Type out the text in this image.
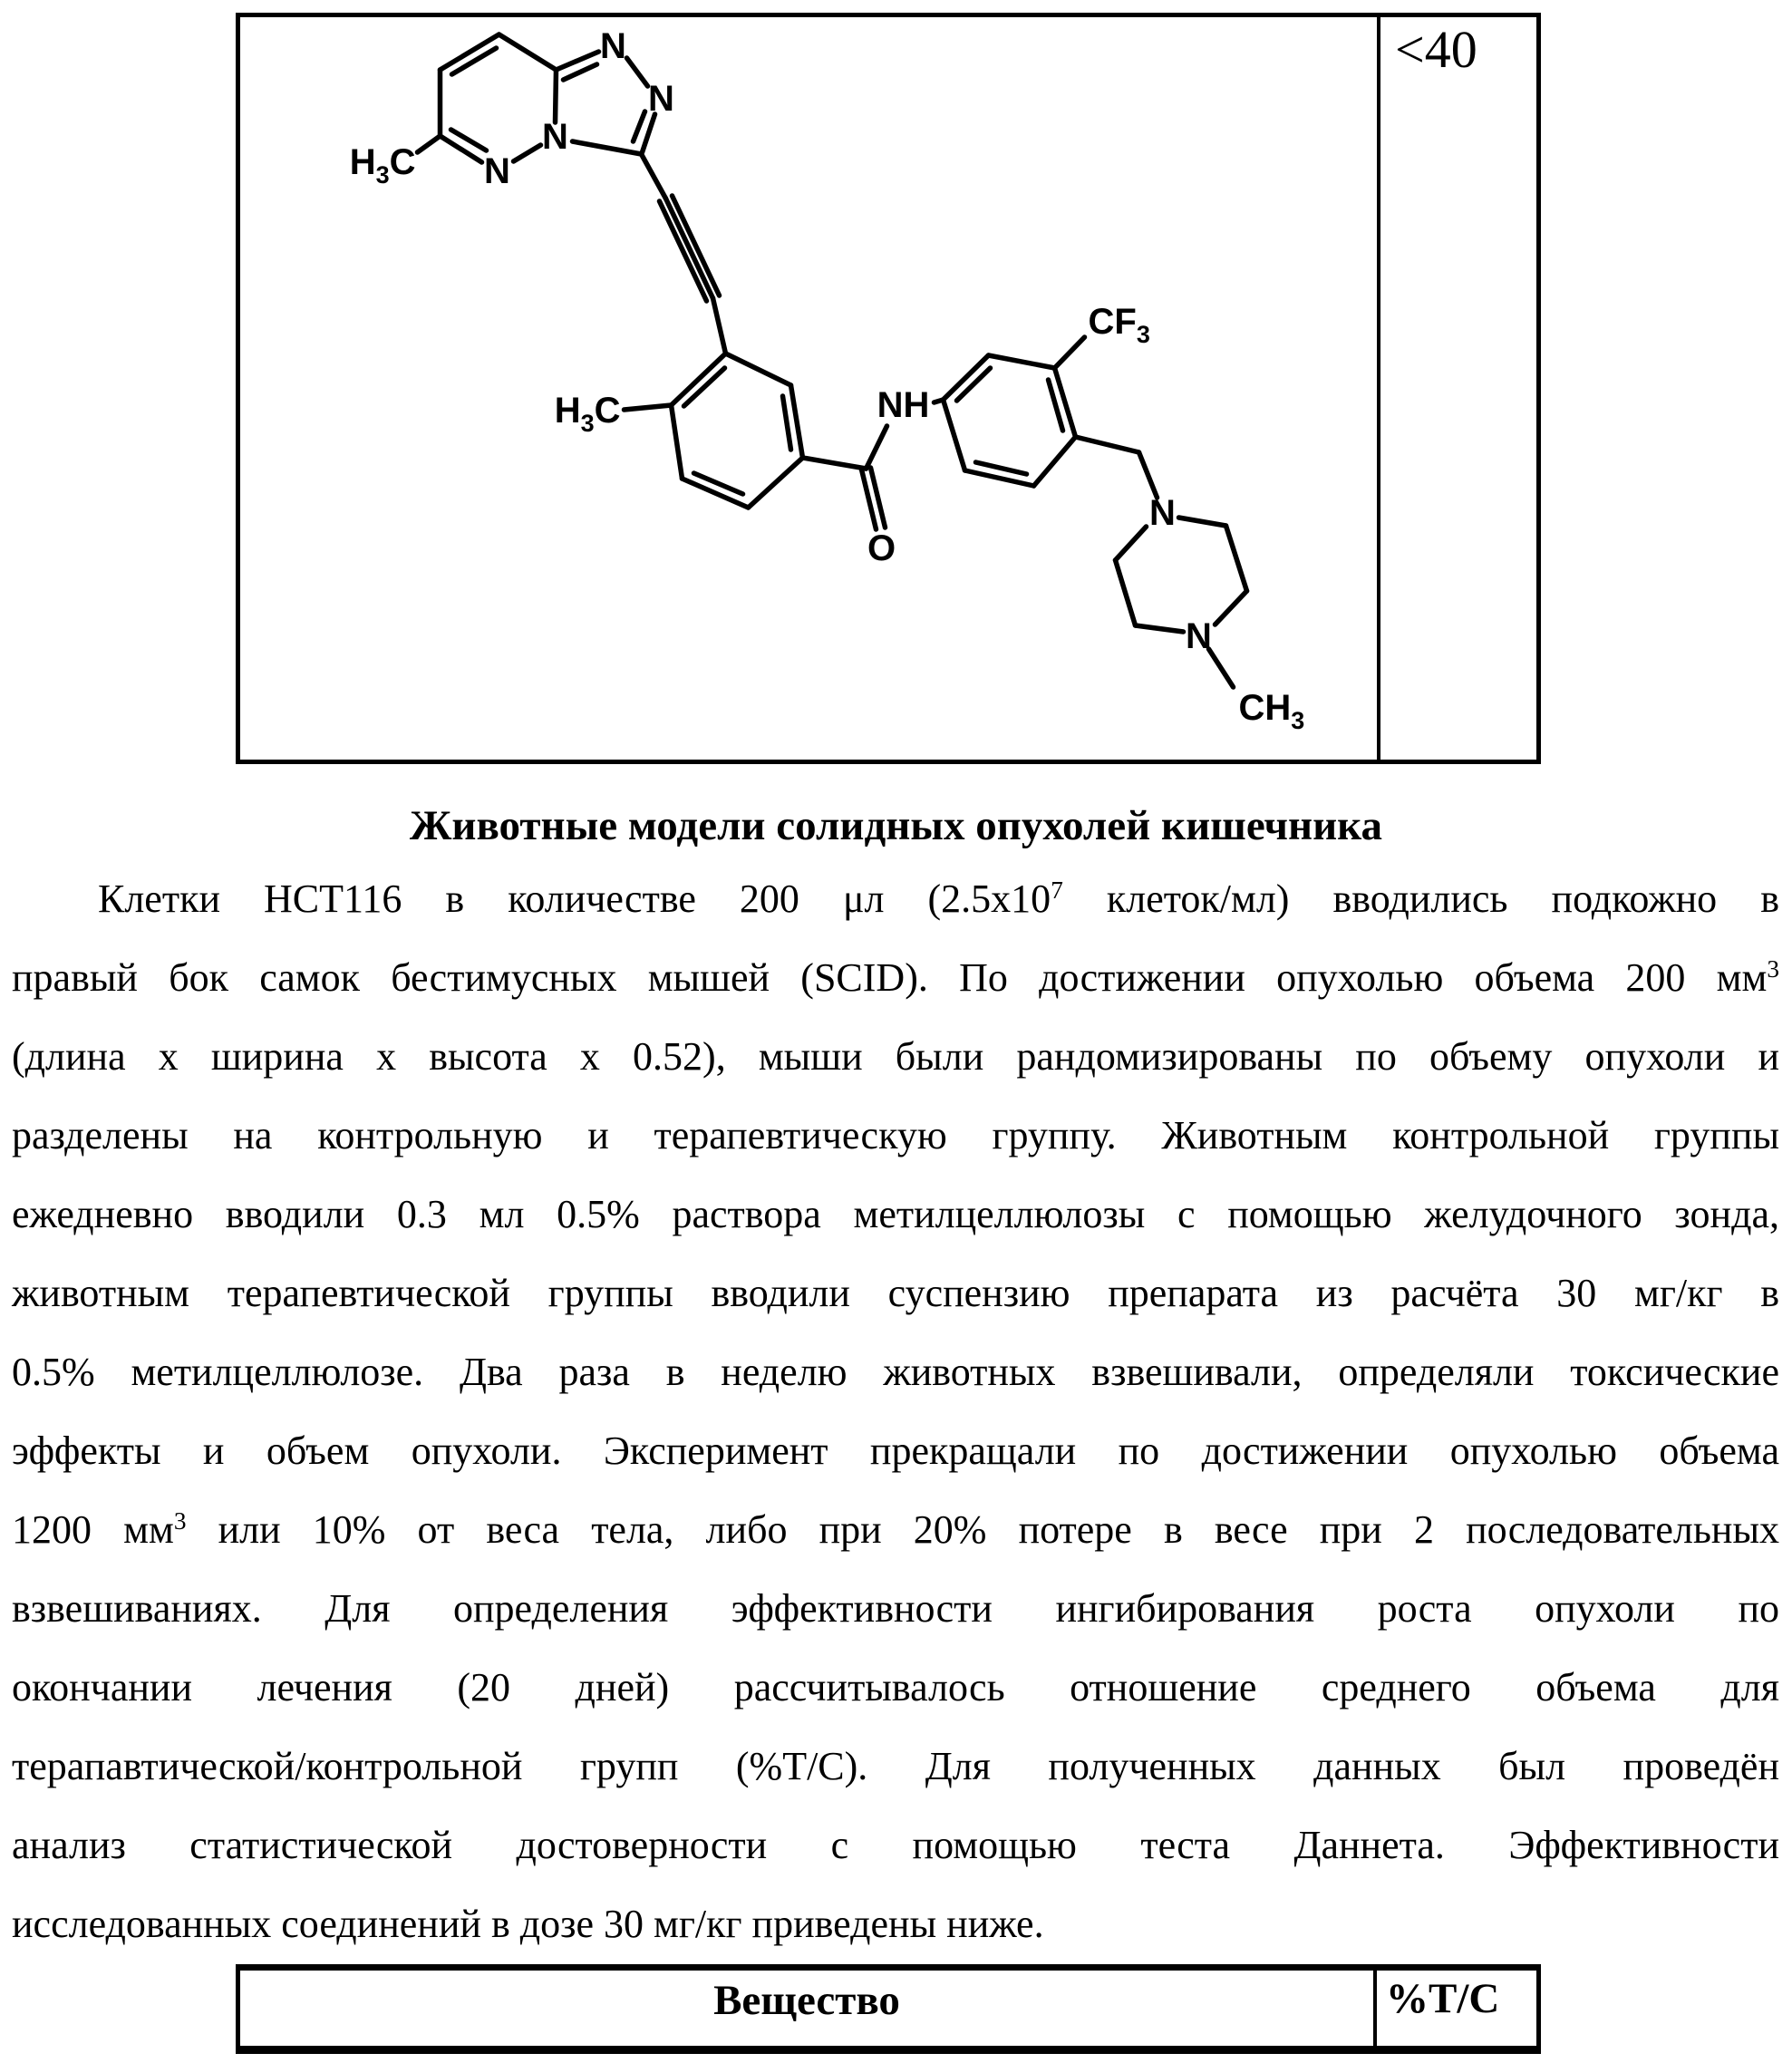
$H_3C$ N
N
N
N
$H_3C$	NH
O
$CF_3$
N
N
$CH_3$
<40
Животные модели солидных опухолей кишечника
Клетки HCT116 в количестве 200 μл ($2.5х10^7$ клеток/мл) вводились подкожно в
правый бок самок бестимусных мышей (SCID). По достижении опухолью объема 200 $мм^3$
(длина х ширина х высота х 0.52), мыши были рандомизированы по объему опухоли и
разделены на контрольную и терапевтическую группу. Животным контрольной группы
ежедневно вводили 0.3 мл 0.5% раствора метилцеллюлозы с помощью желудочного зонда,
животным терапевтической группы вводили суспензию препарата из расчёта 30 мг/кг в
0.5% метилцеллюлозе. Два раза в неделю животных взвешивали, определяли токсические
эффекты и объем опухоли. Эксперимент прекращали по достижении опухолью объема
1200 $мм^3$ или 10% от веса тела, либо при 20% потере в весе при 2 последовательных
взвешиваниях. Для определения эффективности ингибирования роста опухоли по
окончании лечения (20 дней) рассчитывалось отношение среднего объема для
терапавтической/контрольной групп (%Т/С). Для полученных данных был проведён
анализ статистической достоверности с помощью теста Даннета. Эффективности
исследованных соединений в дозе 30 мг/кг приведены ниже.
Вещество	%Т/С
